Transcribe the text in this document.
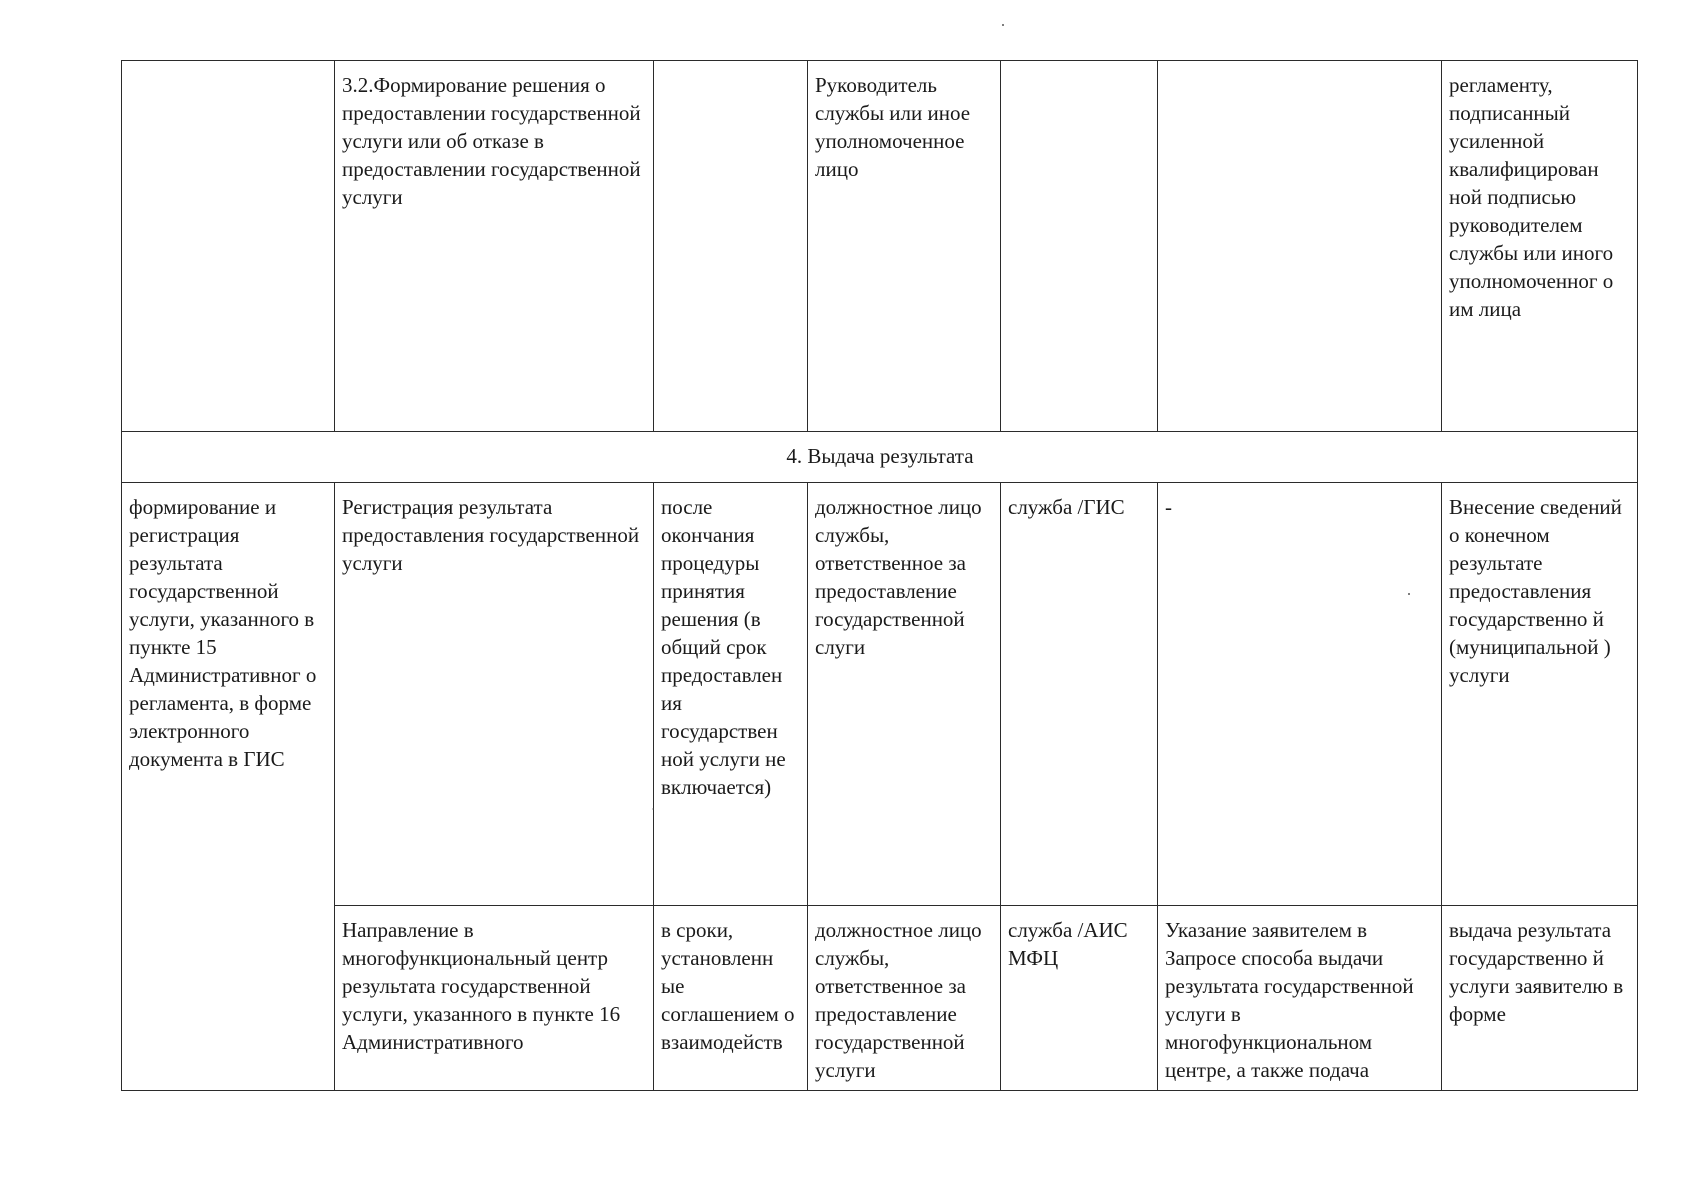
	3.2.Формирование решения о предоставлении государственной услуги или об отказе в предоставлении государственной услуги		Руководитель службы или иное уполномоченное лицо			регламенту, подписанный усиленной квалифицирован ной подписью руководителем службы или иного уполномоченног о им лица
4. Выдача результата						
формирование и регистрация результата государственной услуги, указанного в пункте 15 Административног о регламента, в форме электронного документа в ГИС	Регистрация результата предоставления государственной услуги	после окончания процедуры принятия решения (в общий срок предоставлен ия государствен ной услуги не включается)	должностное лицо службы, ответственное за предоставление государственной слуги	служба /ГИС	-	Внесение сведений о конечном результате предоставления государственно й (муниципальной ) услуги
	Направление в многофункциональный центр результата государственной услуги, указанного в пункте 16 Административного	в сроки, установленн ые соглашением о взаимодейств	должностное лицо службы, ответственное за предоставление государственной услуги	служба /АИС МФЦ	Указание заявителем в Запросе способа выдачи результата государственной услуги в многофункциональном центре, а также подача	выдача результата государственно й услуги заявителю в форме
